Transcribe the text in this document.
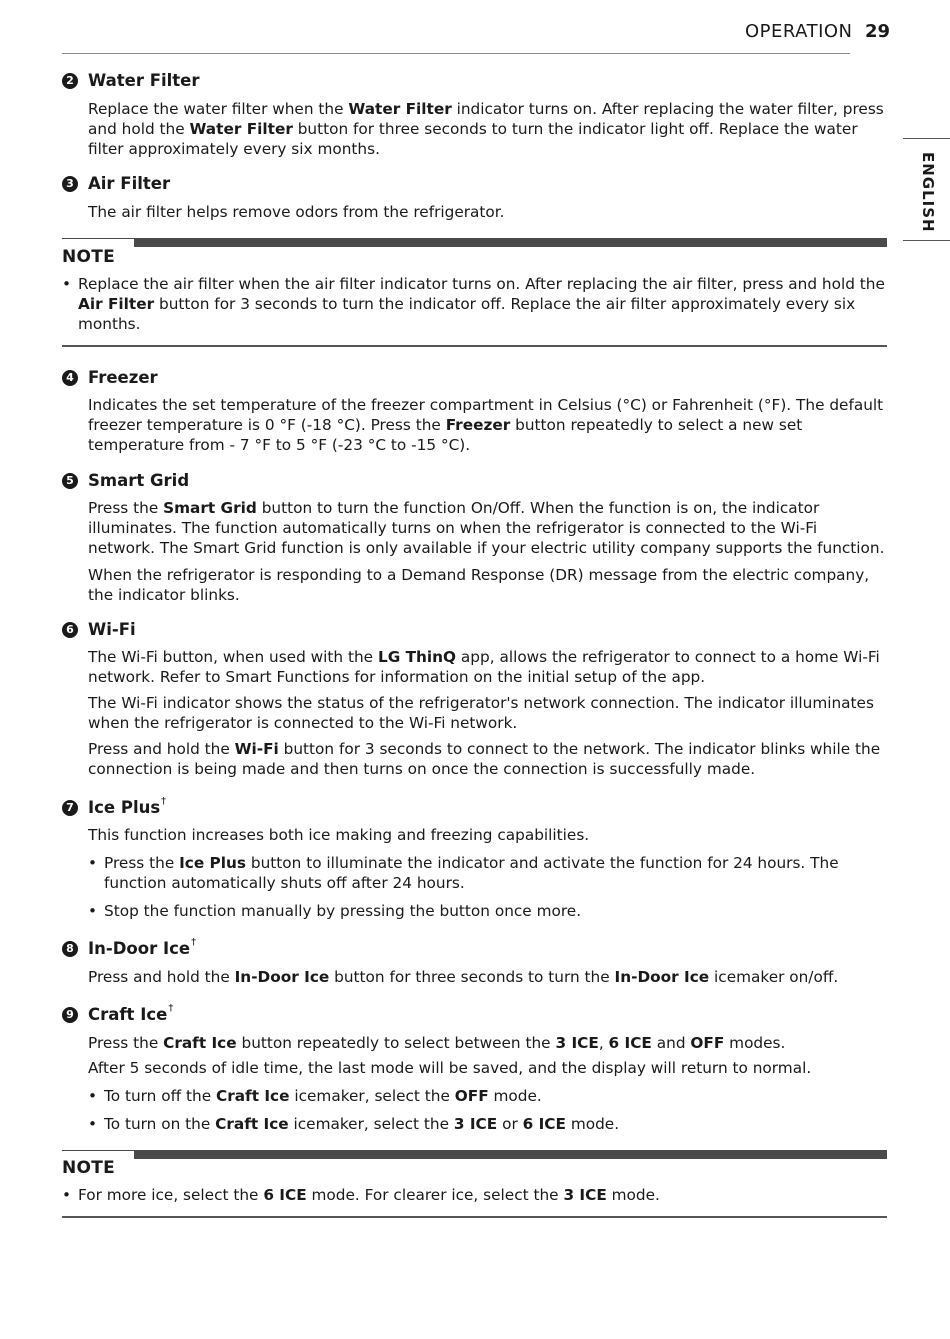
OPERATION 29
ENGLISH
2 Water Filter

Replace the water filter when the Water Filter indicator turns on. After replacing the water filter, press and hold the Water Filter button for three seconds to turn the indicator light off. Replace the water filter approximately every six months.

3 Air Filter

The air filter helps remove odors from the refrigerator.

NOTE

• Replace the air filter when the air filter indicator turns on. After replacing the air filter, press and hold the Air Filter button for 3 seconds to turn the indicator off. Replace the air filter approximately every six months.

4 Freezer

Indicates the set temperature of the freezer compartment in Celsius (°C) or Fahrenheit (°F). The default freezer temperature is 0 °F (-18 °C). Press the Freezer button repeatedly to select a new set temperature from - 7 °F to 5 °F (-23 °C to -15 °C).

5 Smart Grid

Press the Smart Grid button to turn the function On/Off. When the function is on, the indicator illuminates. The function automatically turns on when the refrigerator is connected to the Wi-Fi network. The Smart Grid function is only available if your electric utility company supports the function.

When the refrigerator is responding to a Demand Response (DR) message from the electric company, the indicator blinks.

6 Wi-Fi

The Wi-Fi button, when used with the LG ThinQ app, allows the refrigerator to connect to a home Wi-Fi network. Refer to Smart Functions for information on the initial setup of the app.

The Wi-Fi indicator shows the status of the refrigerator's network connection. The indicator illuminates when the refrigerator is connected to the Wi-Fi network.

Press and hold the Wi-Fi button for 3 seconds to connect to the network. The indicator blinks while the connection is being made and then turns on once the connection is successfully made.

7 Ice Plus†

This function increases both ice making and freezing capabilities.

• Press the Ice Plus button to illuminate the indicator and activate the function for 24 hours. The function automatically shuts off after 24 hours.

• Stop the function manually by pressing the button once more.

8 In-Door Ice†

Press and hold the In-Door Ice button for three seconds to turn the In-Door Ice icemaker on/off.

9 Craft Ice†

Press the Craft Ice button repeatedly to select between the 3 ICE, 6 ICE and OFF modes.

After 5 seconds of idle time, the last mode will be saved, and the display will return to normal.

• To turn off the Craft Ice icemaker, select the OFF mode.

• To turn on the Craft Ice icemaker, select the 3 ICE or 6 ICE mode.

NOTE

• For more ice, select the 6 ICE mode. For clearer ice, select the 3 ICE mode.
